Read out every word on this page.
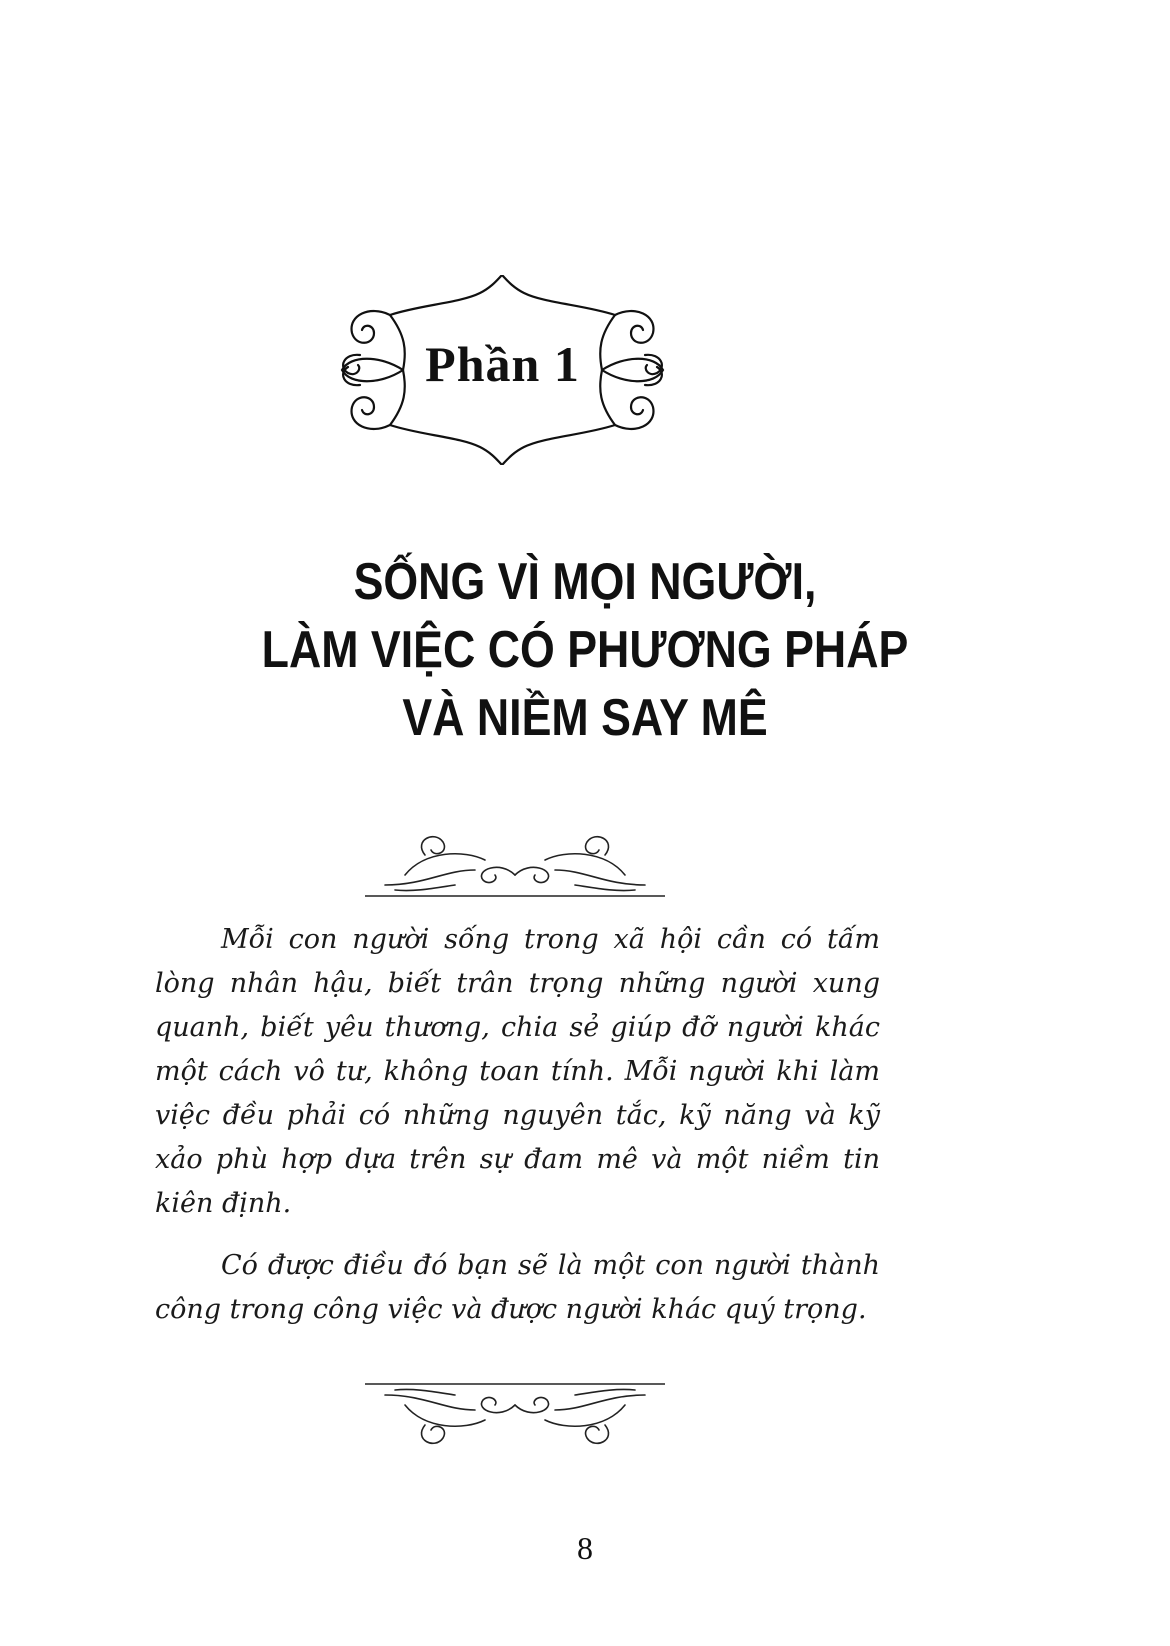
Phần 1
SỐNG VÌ MỌI NGƯỜI,
LÀM VIỆC CÓ PHƯƠNG PHÁP
VÀ NIỀM SAY MÊ

Mỗi con người sống trong xã hội cần có tấm lòng nhân hậu, biết trân trọng những người xung quanh, biết yêu thương, chia sẻ giúp đỡ người khác một cách vô tư, không toan tính. Mỗi người khi làm việc đều phải có những nguyên tắc, kỹ năng và kỹ xảo phù hợp dựa trên sự đam mê và một niềm tin kiên định.

Có được điều đó bạn sẽ là một con người thành công trong công việc và được người khác quý trọng.

8
